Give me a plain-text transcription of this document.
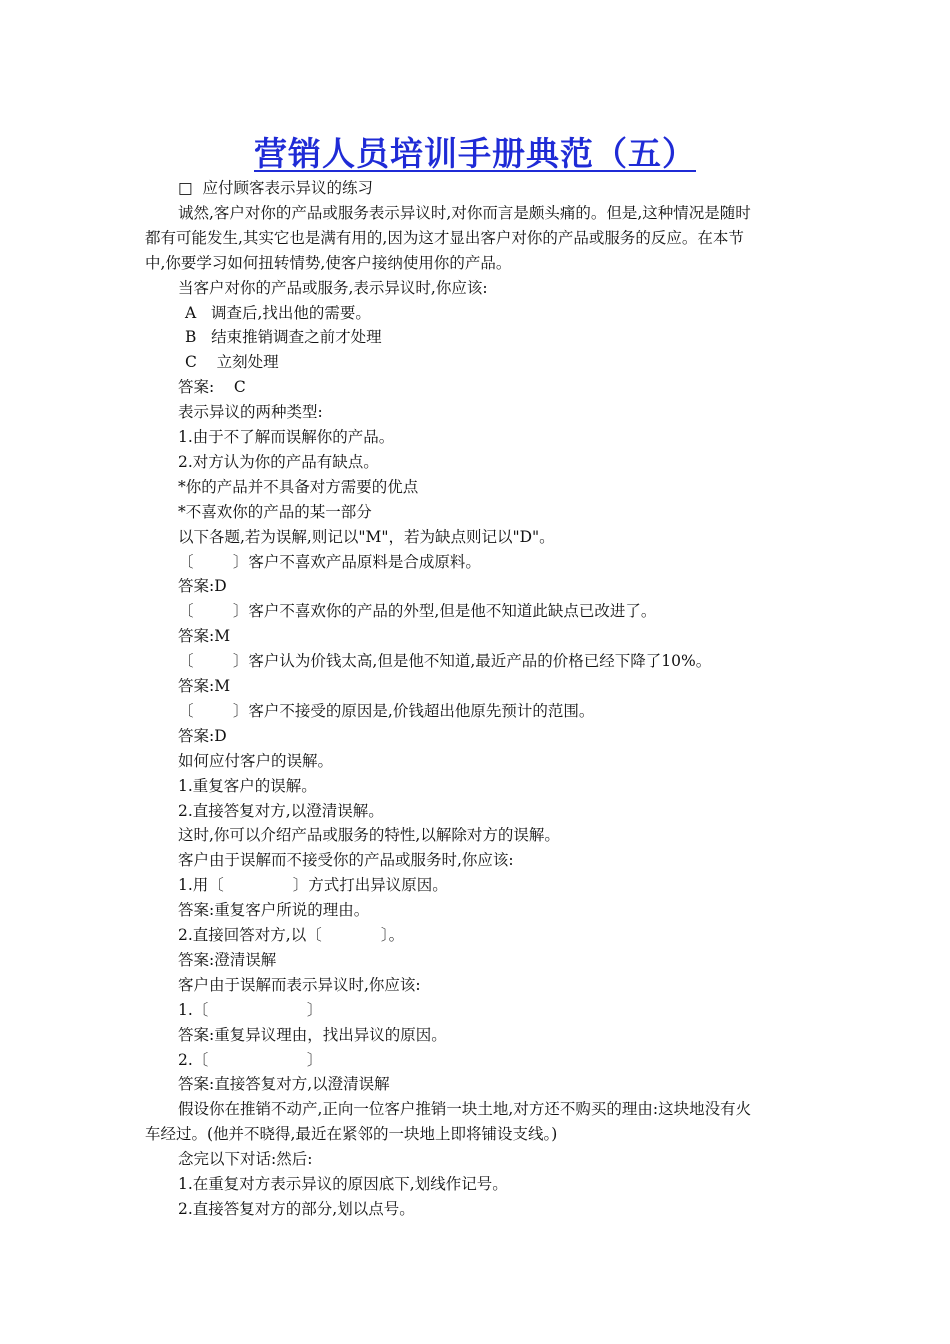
营销人员培训手册典范（五）
□  应付顾客表示异议的练习
诚然,客户对你的产品或服务表示异议时,对你而言是颇头痛的。但是,这种情况是随时
都有可能发生,其实它也是满有用的,因为这才显出客户对你的产品或服务的反应。在本节
中,你要学习如何扭转情势,使客户接纳使用你的产品。
当客户对你的产品或服务,表示异议时,你应该:
A   调查后,找出他的需要。
B   结束推销调查之前才处理
C    立刻处理
答案:    C
表示异议的两种类型:
1.由于不了解而误解你的产品。
2.对方认为你的产品有缺点。
*你的产品并不具备对方需要的优点
*不喜欢你的产品的某一部分
以下各题,若为误解,则记以"M"，若为缺点则记以"D"。
〔        〕客户不喜欢产品原料是合成原料。
答案:D
〔        〕客户不喜欢你的产品的外型,但是他不知道此缺点已改进了。
答案:M
〔        〕客户认为价钱太高,但是他不知道,最近产品的价格已经下降了10%。
答案:M
〔        〕客户不接受的原因是,价钱超出他原先预计的范围。
答案:D
如何应付客户的误解。
1.重复客户的误解。
2.直接答复对方,以澄清误解。
这时,你可以介绍产品或服务的特性,以解除对方的误解。
客户由于误解而不接受你的产品或服务时,你应该:
1.用〔              〕方式打出异议原因。
答案:重复客户所说的理由。
2.直接回答对方,以〔            〕。
答案:澄清误解
客户由于误解而表示异议时,你应该:
1.〔                    〕
答案:重复异议理由，找出异议的原因。
2.〔                    〕
答案:直接答复对方,以澄清误解
假设你在推销不动产,正向一位客户推销一块土地,对方还不购买的理由:这块地没有火
车经过。(他并不晓得,最近在紧邻的一块地上即将铺设支线。)
念完以下对话:然后:
1.在重复对方表示异议的原因底下,划线作记号。
2.直接答复对方的部分,划以点号。
